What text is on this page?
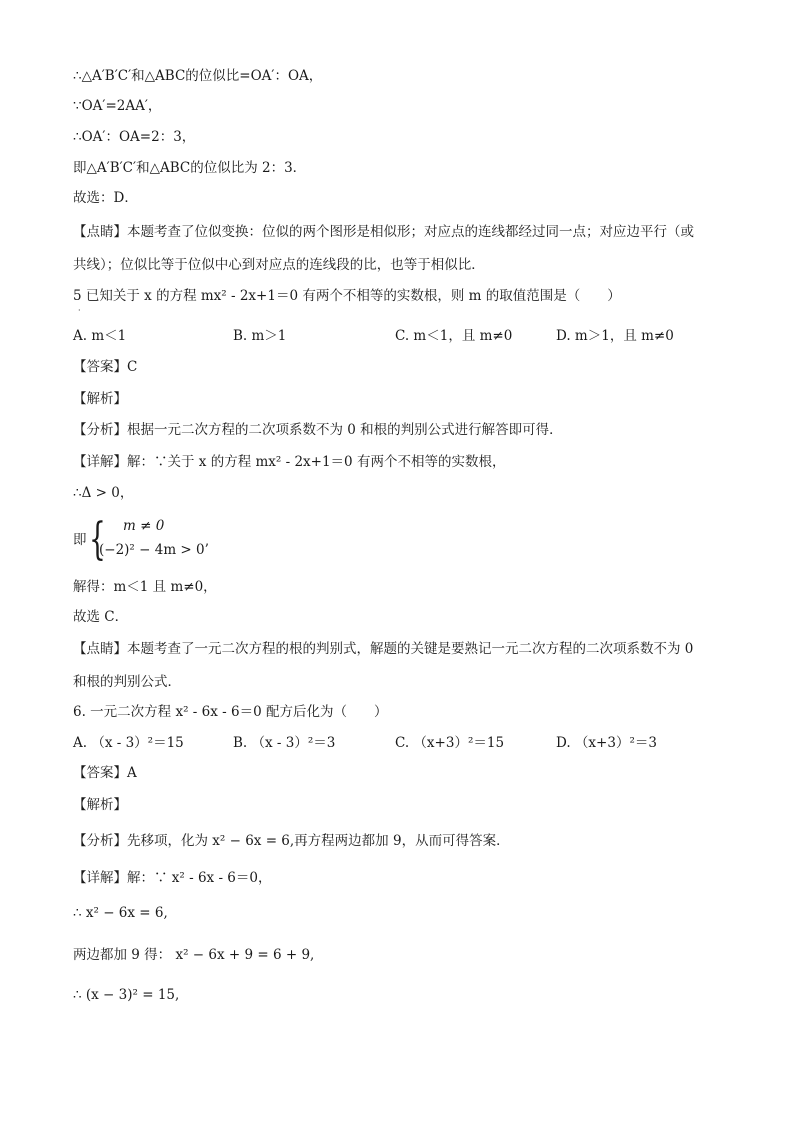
∴△A′B′C′和△ABC的位似比=OA′：OA，
∵OA′=2AA′，
∴OA′：OA=2：3，
即△A′B′C′和△ABC的位似比为 2：3．
故选：D．
【点睛】本题考查了位似变换：位似的两个图形是相似形；对应点的连线都经过同一点；对应边平行（或
共线）；位似比等于位似中心到对应点的连线段的比，也等于相似比．
5 已知关于 x 的方程 mx² - 2x+1＝0 有两个不相等的实数根，则 m 的取值范围是（　　）
·
A. m＜1	B. m＞1	C. m＜1，且 m≠0	D. m＞1，且 m≠0
【答案】C
【解析】
【分析】根据一元二次方程的二次项系数不为 0 和根的判别公式进行解答即可得．
【详解】解：∵关于 x 的方程 mx² - 2x+1＝0 有两个不相等的实数根，
∴Δ > 0，
即 { m ≠ 0
(−2)² − 4m > 0’
解得：m＜1 且 m≠0，
故选 C．
【点睛】本题考查了一元二次方程的根的判别式，解题的关键是要熟记一元二次方程的二次项系数不为 0
和根的判别公式．
6. 一元二次方程 x² - 6x - 6＝0 配方后化为（　　）
A. （x - 3）²＝15	B. （x - 3）²＝3	C. （x+3）²＝15	D. （x+3）²＝3
【答案】A
【解析】
【分析】先移项，化为 x² − 6x = 6,再方程两边都加 9，从而可得答案．
【详解】解：∵ x² - 6x - 6＝0，
∴ x² − 6x = 6,
两边都加 9 得： x² − 6x + 9 = 6 + 9,
∴ (x − 3)² = 15,
